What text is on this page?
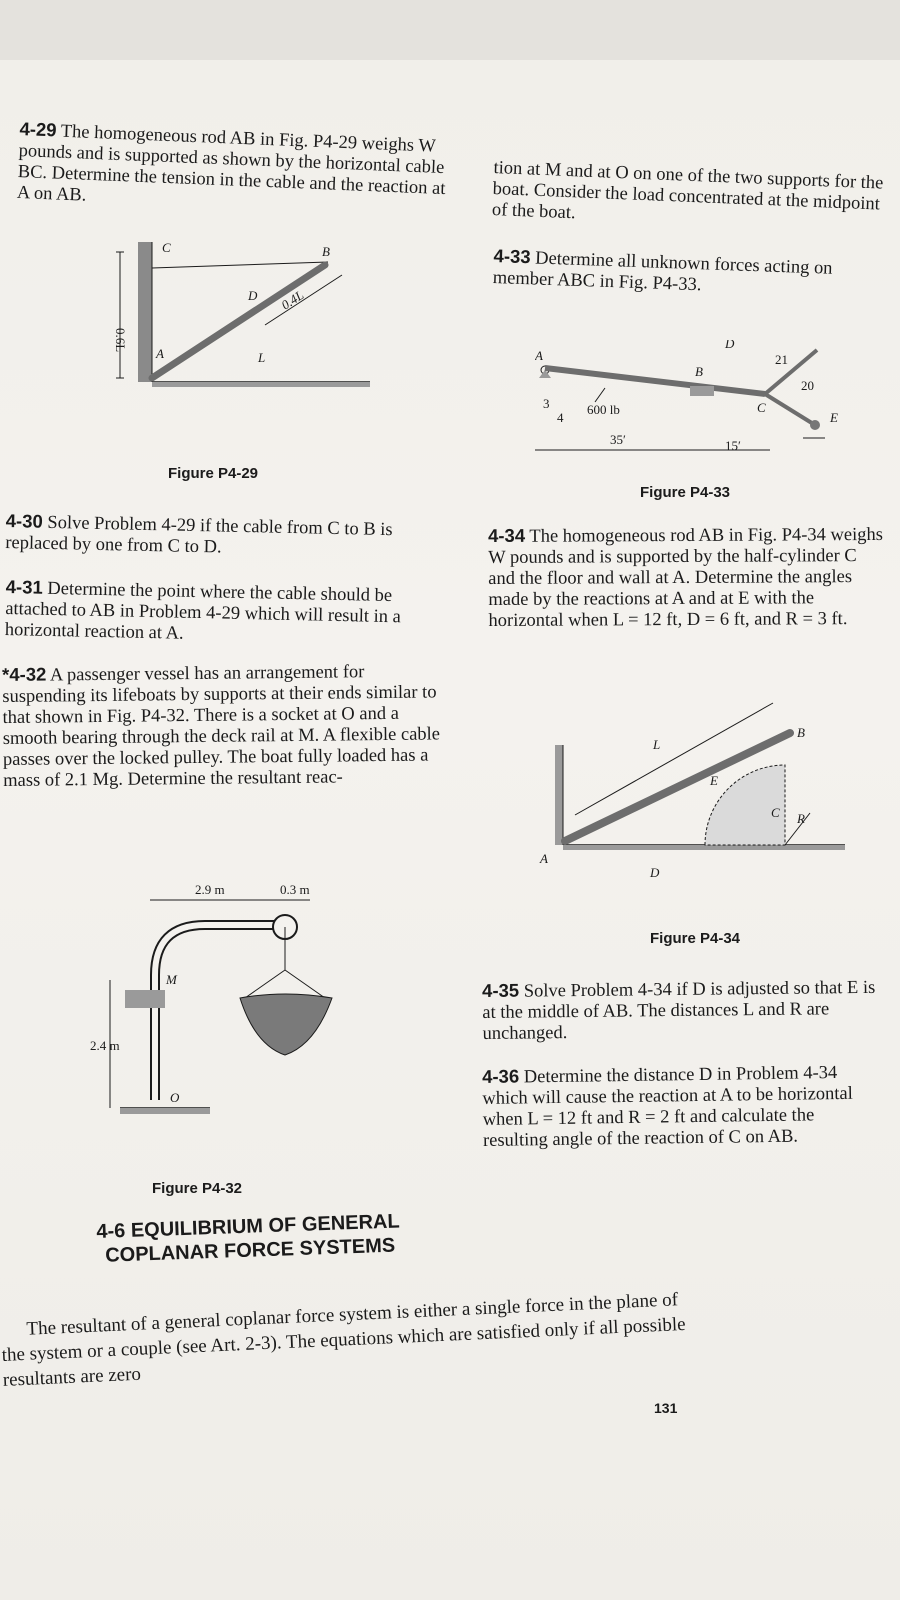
4-29 The homogeneous rod AB in Fig. P4-29 weighs W pounds and is supported as shown by the horizontal cable BC. Determine the tension in the cable and the reaction at A on AB.

tion at M and at O on one of the two supports for the boat. Consider the load concentrated at the midpoint of the boat.

4-33 Determine all unknown forces acting on member ABC in Fig. P4-33.

0.6L
C	B
D
A	L
0.4L
Figure P4-29
A
B
C
D
E
3
4
600 lb
35′	15′
21
20
Figure P4-33

4-30 Solve Problem 4-29 if the cable from C to B is replaced by one from C to D.

4-31 Determine the point where the cable should be attached to AB in Problem 4-29 which will result in a horizontal reaction at A.

*4-32 A passenger vessel has an arrangement for suspending its lifeboats by supports at their ends similar to that shown in Fig. P4-32. There is a socket at O and a smooth bearing through the deck rail at M. A flexible cable passes over the locked pulley. The boat fully loaded has a mass of 2.1 Mg. Determine the resultant reac-

4-34 The homogeneous rod AB in Fig. P4-34 weighs W pounds and is supported by the half-cylinder C and the floor and wall at A. Determine the angles made by the reactions at A and at E with the horizontal when L = 12 ft, D = 6 ft, and R = 3 ft.

A
B
C
E
L
D
R
Figure P4-34
2.9 m	0.3 m
M
O
2.4 m
Figure P4-32

4-35 Solve Problem 4-34 if D is adjusted so that E is at the middle of AB. The distances L and R are unchanged.

4-36 Determine the distance D in Problem 4-34 which will cause the reaction at A to be horizontal when L = 12 ft and R = 2 ft and calculate the resulting angle of the reaction of C on AB.

4-6 EQUILIBRIUM OF GENERAL
COPLANAR FORCE SYSTEMS

The resultant of a general coplanar force system is either a single force in the plane of the system or a couple (see Art. 2-3). The equations which are satisfied only if all possible resultants are zero

131
